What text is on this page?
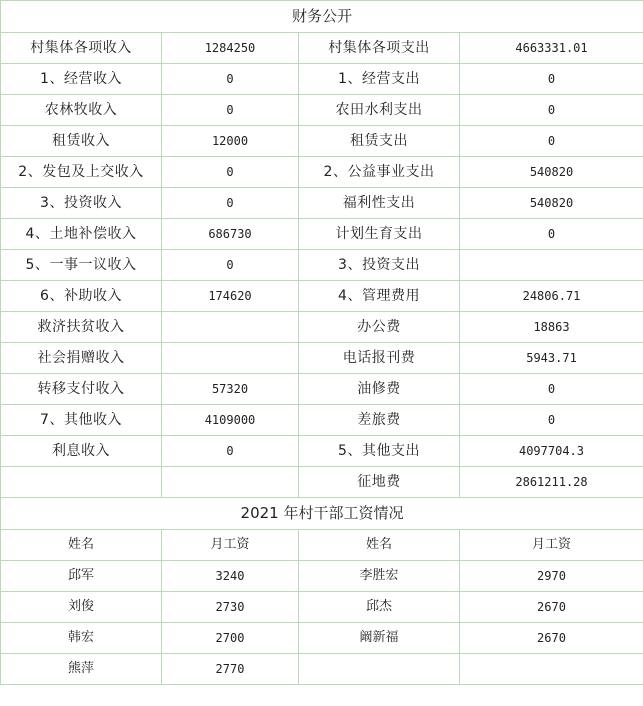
财务公开			
村集体各项收入	1284250	村集体各项支出	4663331.01
1、经营收入	0	1、经营支出	0
农林牧收入	0	农田水利支出	0
租赁收入	12000	租赁支出	0
2、发包及上交收入	0	2、公益事业支出	540820
3、投资收入	0	福利性支出	540820
4、土地补偿收入	686730	计划生育支出	0
5、一事一议收入	0	3、投资支出	
6、补助收入	174620	4、管理费用	24806.71
救济扶贫收入		办公费	18863
社会捐赠收入		电话报刊费	5943.71
转移支付收入	57320	油修费	0
7、其他收入	4109000	差旅费	0
利息收入	0	5、其他支出	4097704.3
		征地费	2861211.28
2021 年村干部工资情况			
姓名	月工资	姓名	月工资
邱军	3240	李胜宏	2970
刘俊	2730	邱杰	2670
韩宏	2700	阚新福	2670
熊萍	2770		
